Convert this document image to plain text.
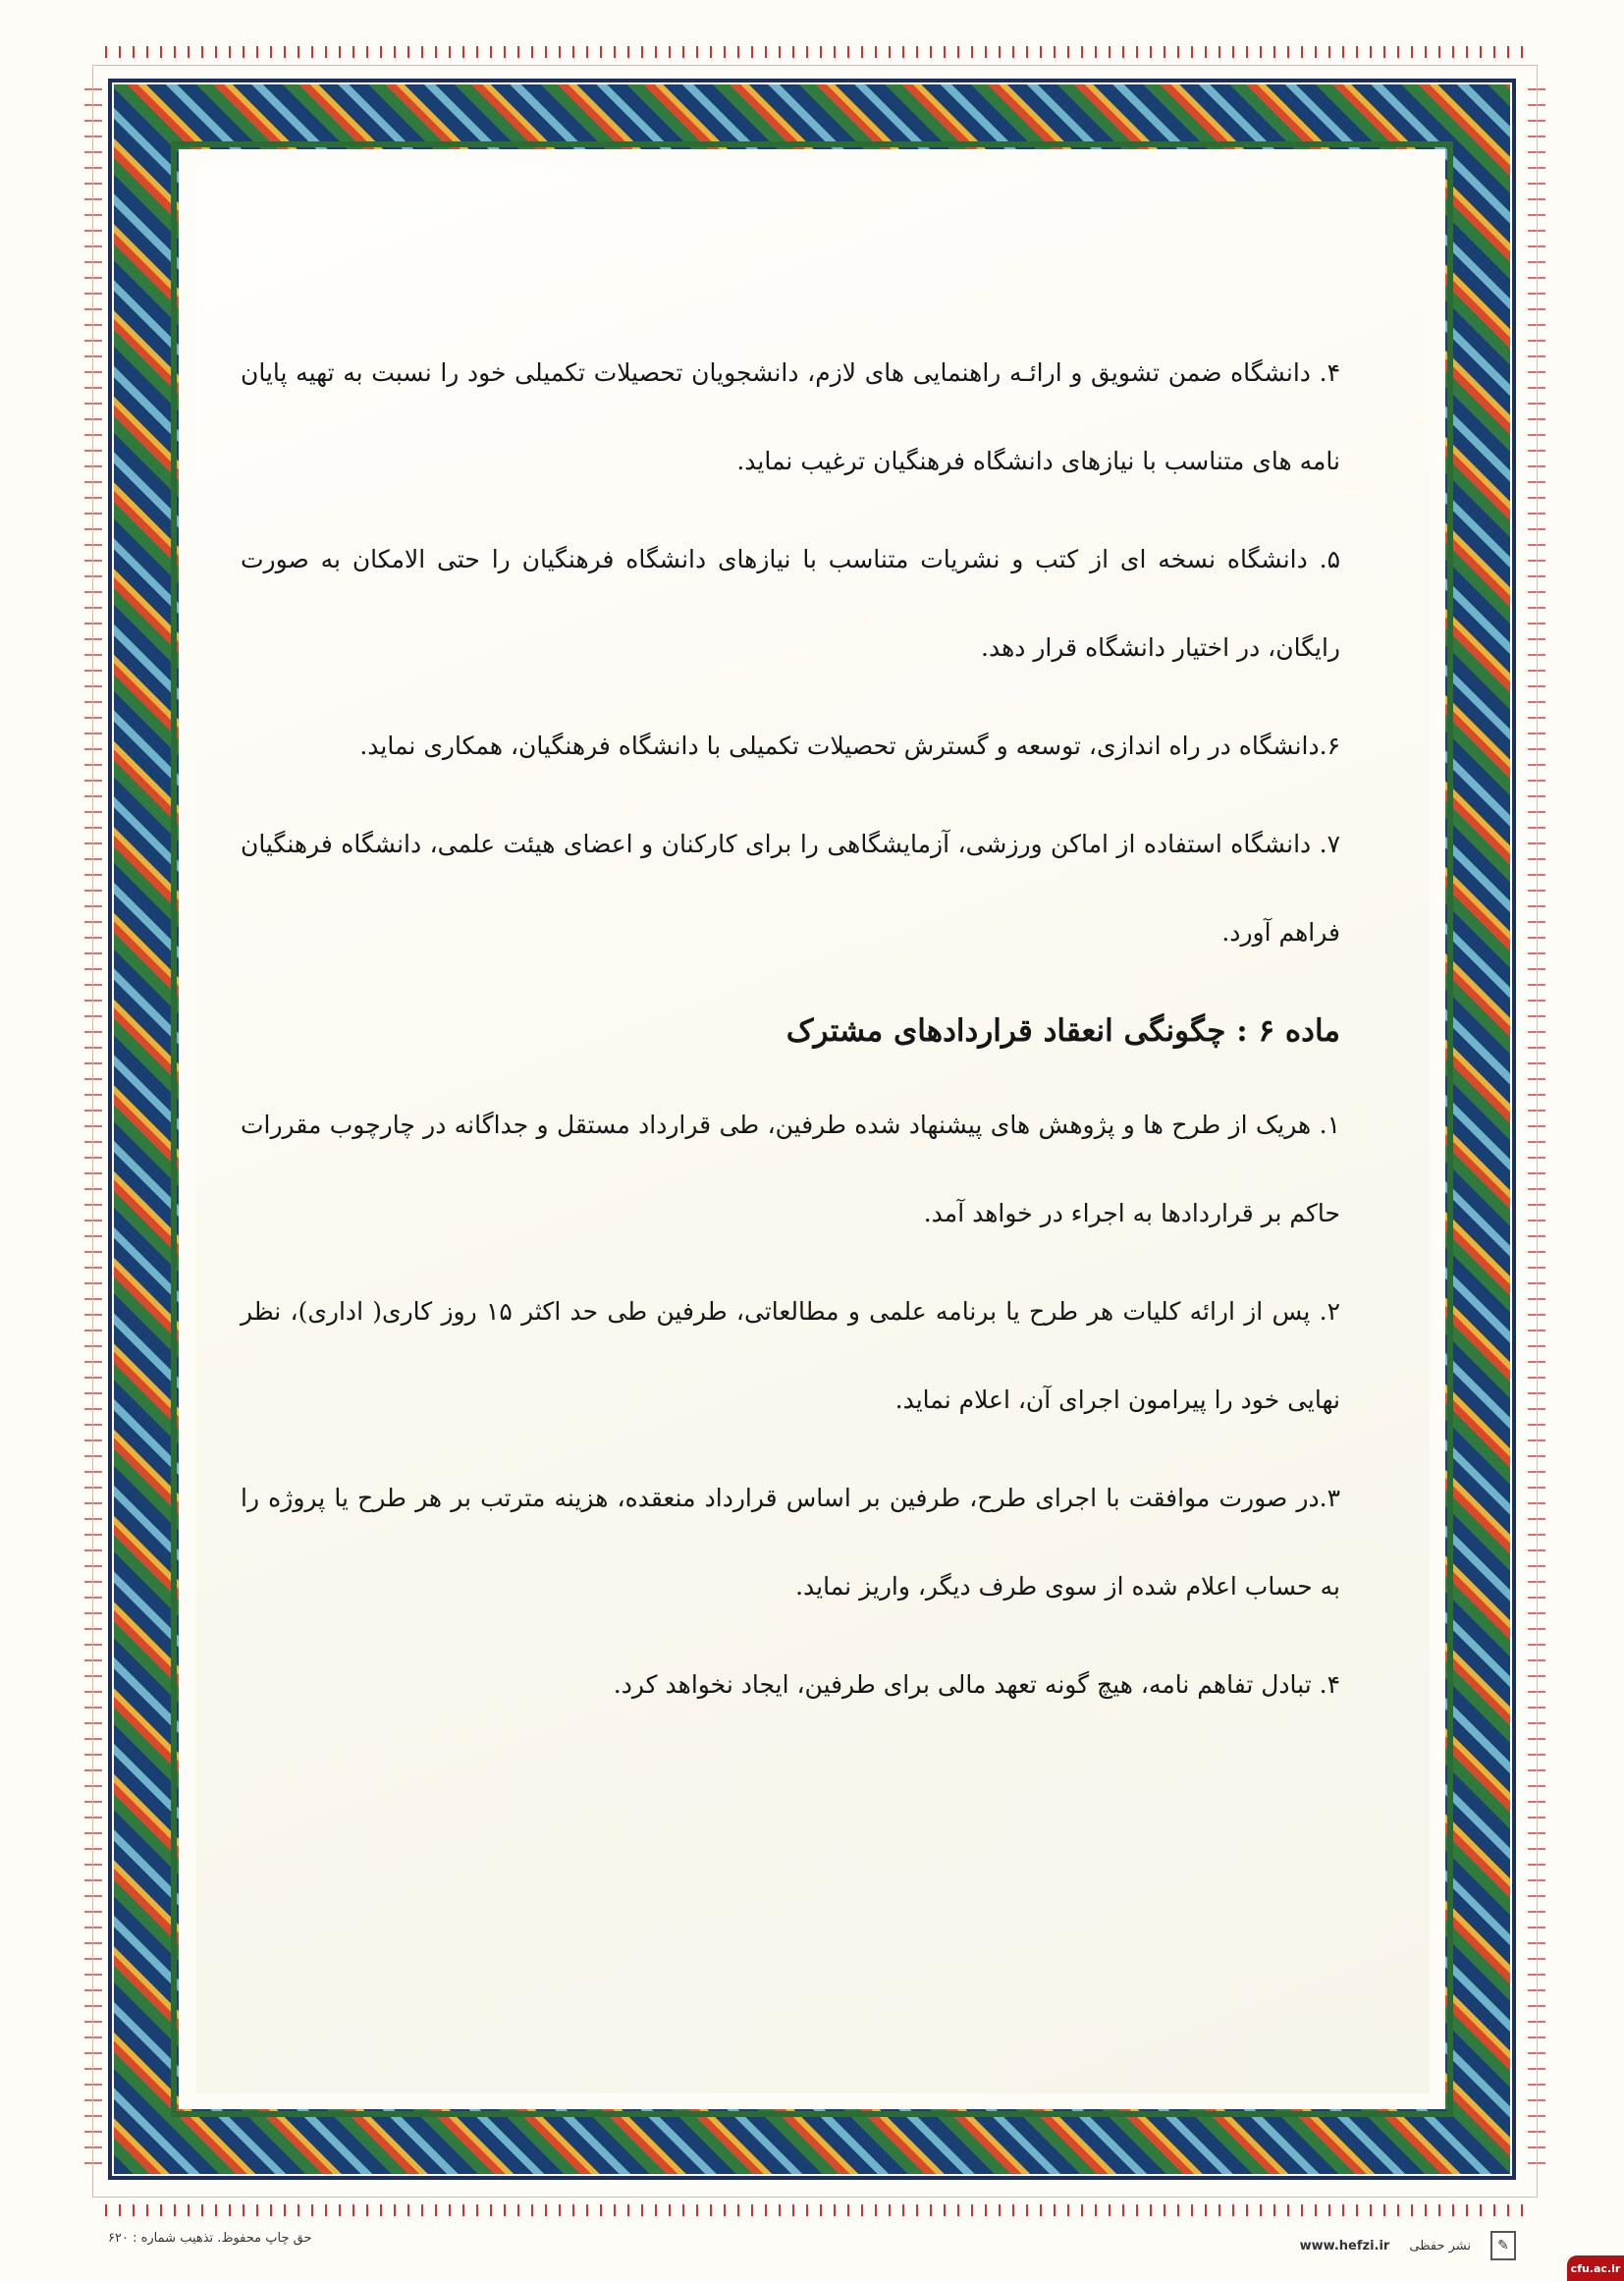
۴. دانشگاه ضمن تشویق و ارائـه راهنمایی های لازم، دانشجویان تحصیلات تکمیلی خود را نسبت به تهیه پایان نامه های متناسب با نیازهای دانشگاه فرهنگیان ترغیب نماید.

۵. دانشگاه نسخه ای از کتب و نشریات متناسب با نیازهای دانشگاه فرهنگیان را حتی الامکان به صورت رایگان، در اختیار دانشگاه قرار دهد.

۶.دانشگاه در راه اندازی، توسعه و گسترش تحصیلات تکمیلی با دانشگاه فرهنگیان، همکاری نماید.

۷. دانشگاه استفاده از اماکن ورزشی، آزمایشگاهی را برای کارکنان و اعضای هیئت علمی، دانشگاه فرهنگیان فراهم آورد.

ماده ۶ : چگونگی انعقاد قراردادهای مشترک

۱. هریک از طرح ها و پژوهش های پیشنهاد شده طرفین، طی قرارداد مستقل و جداگانه در چارچوب مقررات حاکم بر قراردادها به اجراء در خواهد آمد.

۲. پس از ارائه کلیات هر طرح یا برنامه علمی و مطالعاتی، طرفین طی حد اکثر ۱۵ روز کاری( اداری)، نظر نهایی خود را پیرامون اجرای آن، اعلام نماید.

۳.در صورت موافقت با اجرای طرح، طرفین بر اساس قرارداد منعقده، هزینه مترتب بر هر طرح یا پروژه را به حساب اعلام شده از سوی طرف دیگر، واریز نماید.

۴. تبادل تفاهم نامه، هیچ گونه تعهد مالی برای طرفین، ایجاد نخواهد کرد.

حق چاپ محفوظ. تذهیب شماره : ۶۲۰	www.hefzi.ir نشر حفظی	✎
cfu.ac.ir
